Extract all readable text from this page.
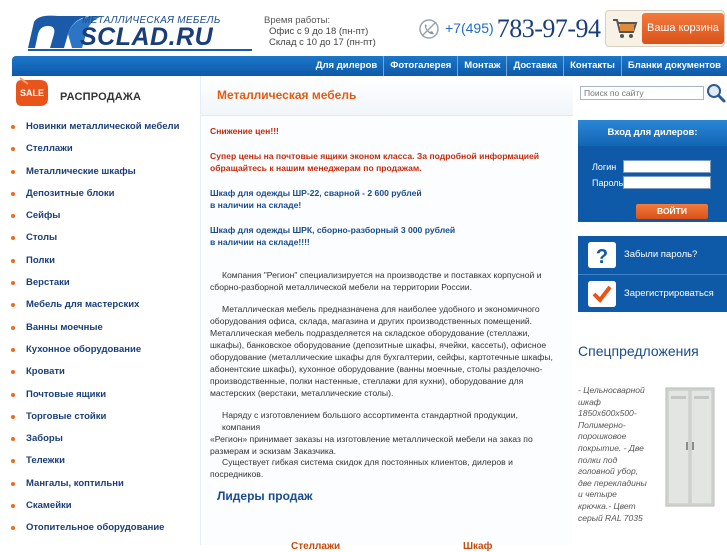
МЕТАЛЛИЧЕСКАЯ МЕБЕЛЬ
SCLAD.RU
Время работы:
Офис с 9 до 18 (пн-пт)
Склад с 10 до 17 (пн-пт)
+7(495) 783-97-94	Ваша корзина
Для дилеров	Фотогалерея	Монтаж	Доставка	Контакты	Бланки документов
SALE РАСПРОДАЖА
Новинки металлической мебели
Стеллажи
Металлические шкафы
Депозитные блоки
Сейфы
Столы
Полки
Верстаки
Мебель для мастерских
Ванны моечные
Кухонное оборудование
Кровати
Почтовые ящики
Торговые стойки
Заборы
Тележки
Мангалы, коптильни
Скамейки
Отопительное оборудование
Металлическая мебель
Снижение цен!!!
Супер цены на почтовые ящики эконом класса. За подробной информацией
обращайтесь к нашим менеджерам по продажам.
Шкаф для одежды ШР-22, сварной - 2 600 рублей
в наличии на складе!
Шкаф для одежды ШРК, сборно-разборный 3 000 рублей
в наличии на складе!!!!
Компания "Регион" специализируется на производстве и поставках корпусной и
сборно-разборной металлической мебели на территории России.
Металлическая мебель предназначена для наиболее удобного и экономичного
оборудования офиса, склада, магазина и других производственных помещений.
Металлическая мебель подразделяется на складское оборудование (стеллажи,
шкафы), банковское оборудование (депозитные шкафы, ячейки, кассеты), офисное
оборудование (металлические шкафы для бухгалтерии, сейфы, картотечные шкафы,
абонентские шкафы), кухонное оборудование (ванны моечные, столы разделочно-
производственные, полки настенные, стеллажи для кухни), оборудование для
мастерских (верстаки, металлические столы).
Наряду с изготовлением большого ассортимента стандартной продукции, компания
«Регион» принимает заказы на изготовление металлической мебели на заказ по
размерам и эскизам Заказчика.
Существует гибкая система скидок для постоянных клиентов, дилеров и
посредников.
Лидеры продаж
Стеллажи	Шкаф
Поиск по сайту
Вход для дилеров:
Логин
Пароль
ВОЙТИ
? Забыли пароль?
Зарегистрироваться
Спецпредложения
- Цельносварной шкаф 1850х600х500- Полимерно-порошковое покрытие. - Две полки под головной убор, две перекладины и четыре крючка.- Цвет серый RAL 7035
